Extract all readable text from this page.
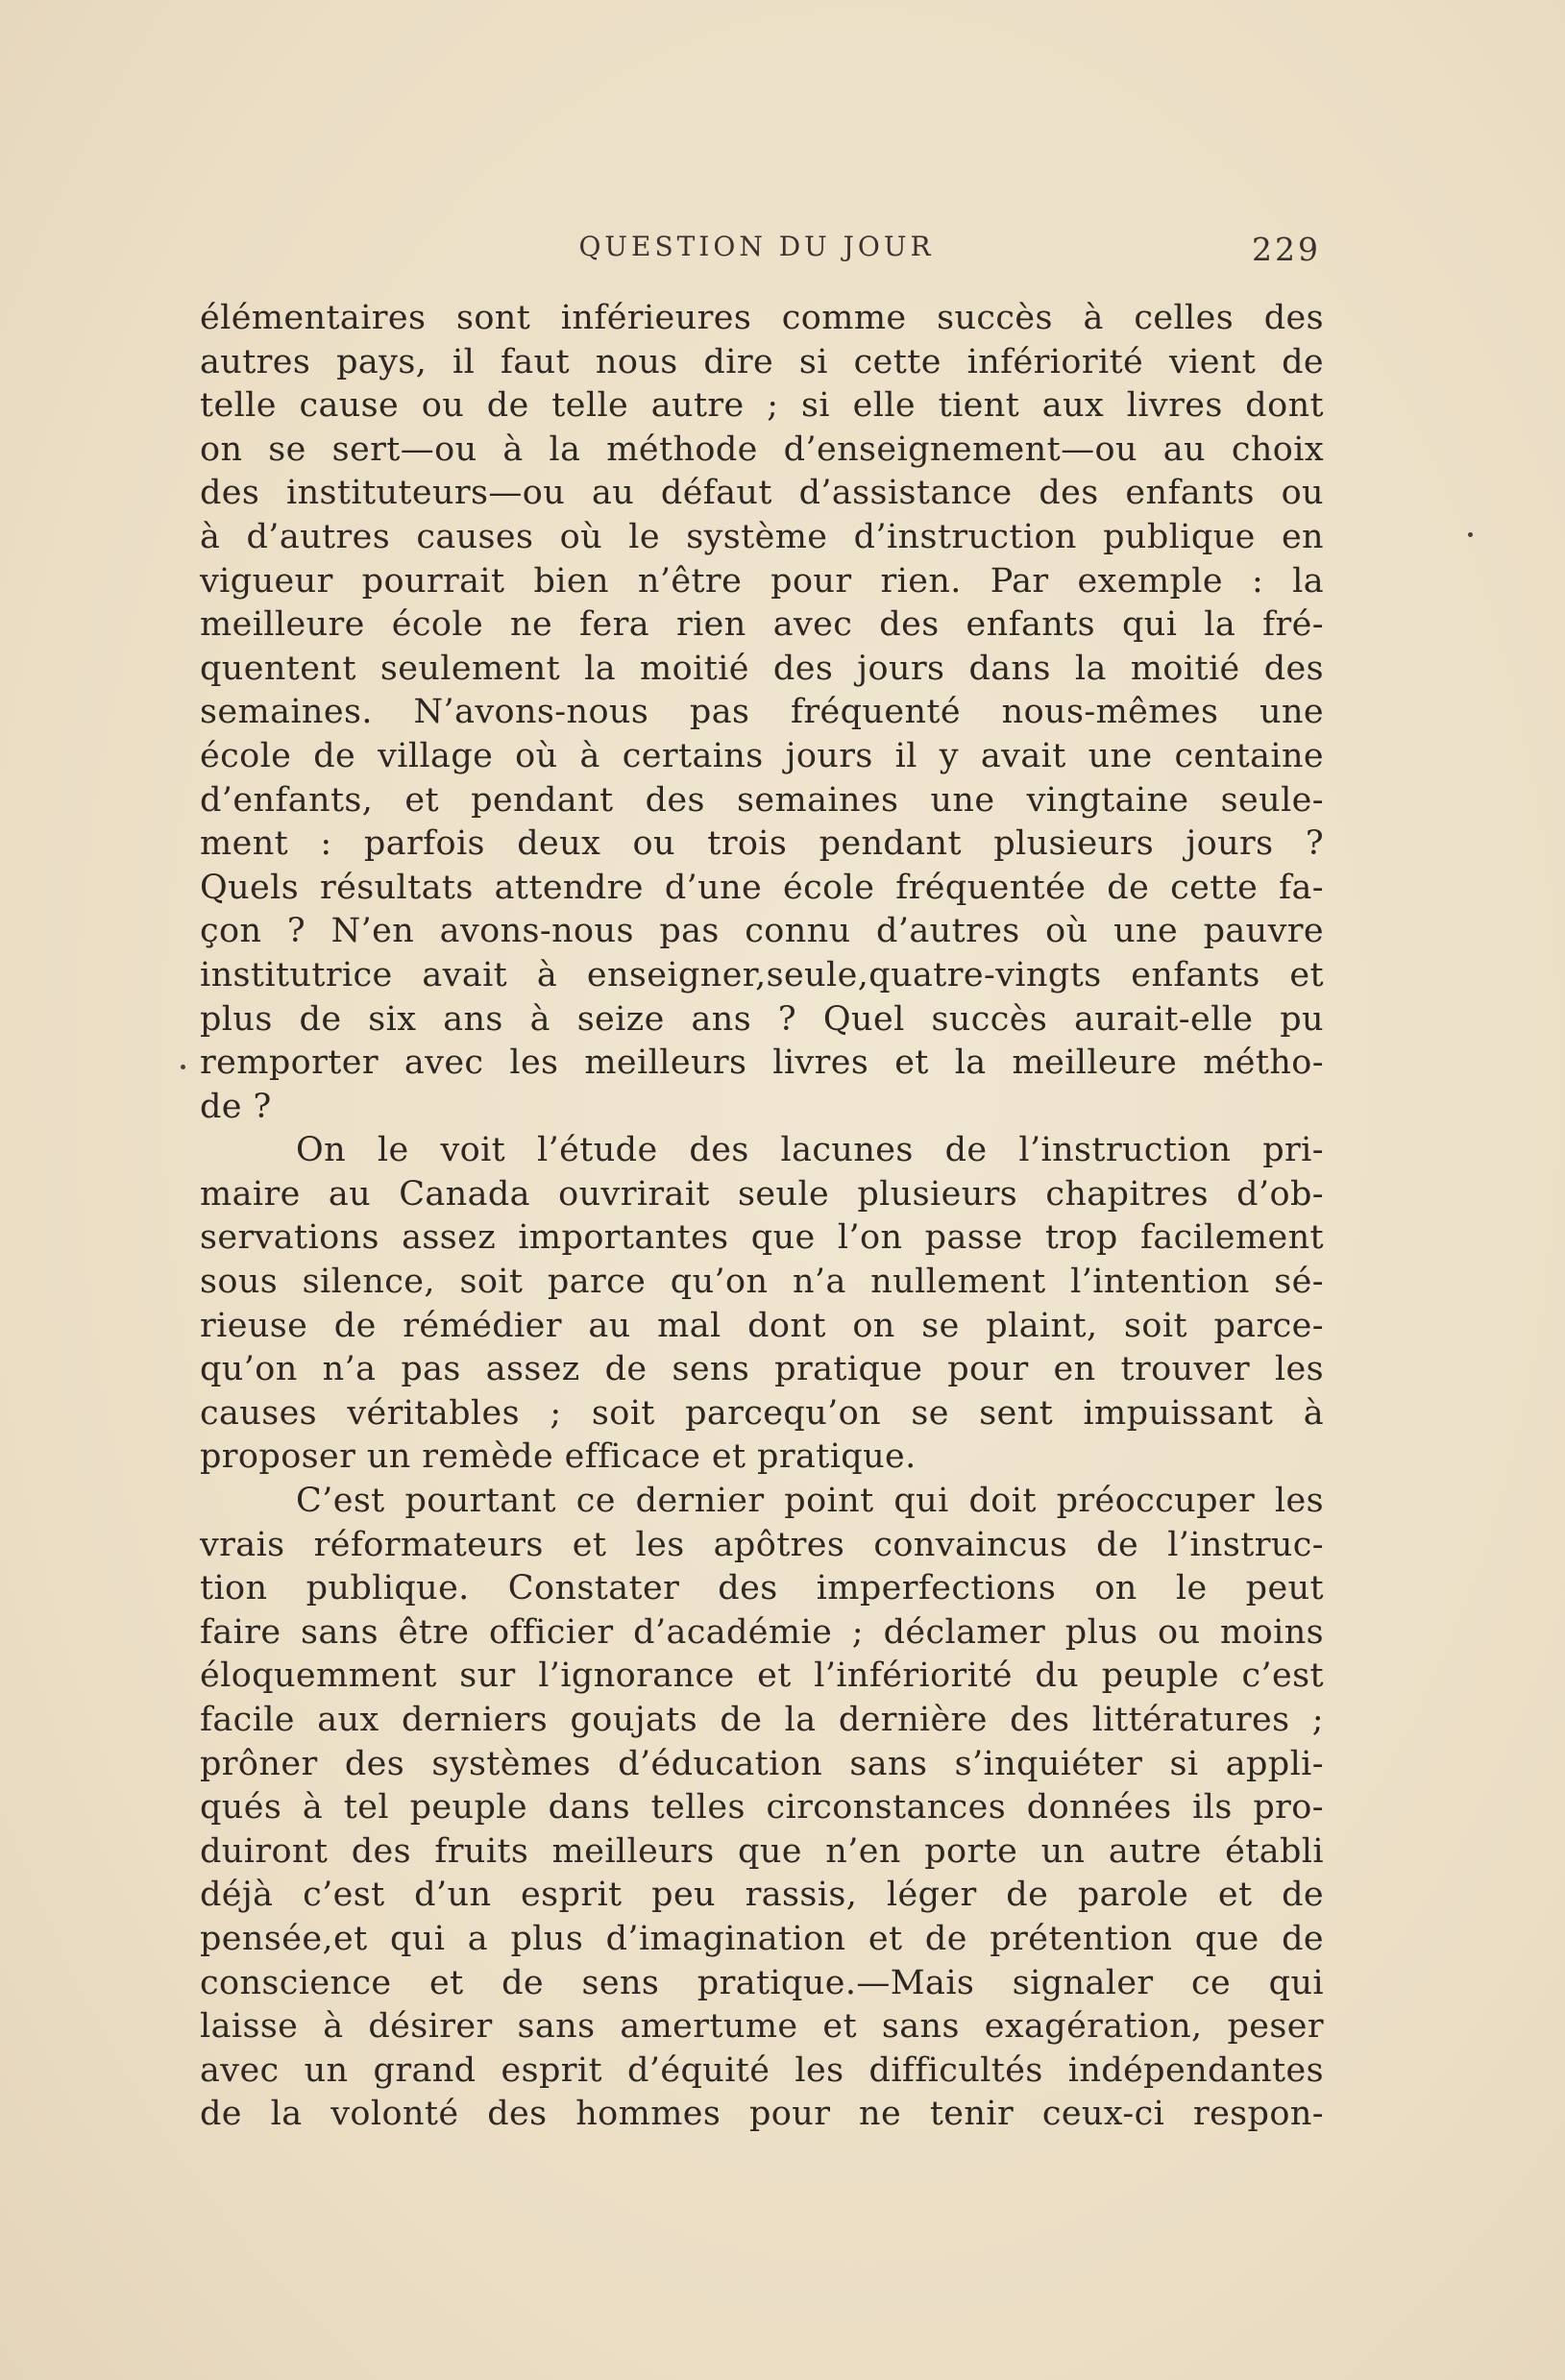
QUESTION DU JOUR	229
élémentaires sont inférieures comme succès à celles des
autres pays, il faut nous dire si cette infériorité vient de
telle cause ou de telle autre ; si elle tient aux livres dont
on se sert—ou à la méthode d’enseignement—ou au choix
des instituteurs—ou au défaut d’assistance des enfants ou
à d’autres causes où le système d’instruction publique en
vigueur pourrait bien n’être pour rien. Par exemple : la
meilleure école ne fera rien avec des enfants qui la fré-
quentent seulement la moitié des jours dans la moitié des
semaines. N’avons-nous pas fréquenté nous-mêmes une
école de village où à certains jours il y avait une centaine
d’enfants, et pendant des semaines une vingtaine seule-
ment : parfois deux ou trois pendant plusieurs jours ?
Quels résultats attendre d’une école fréquentée de cette fa-
çon ? N’en avons-nous pas connu d’autres où une pauvre
institutrice avait à enseigner,seule,quatre-vingts enfants et
plus de six ans à seize ans ? Quel succès aurait-elle pu
remporter avec les meilleurs livres et la meilleure métho-
de ?
On le voit l’étude des lacunes de l’instruction pri-
maire au Canada ouvrirait seule plusieurs chapitres d’ob-
servations assez importantes que l’on passe trop facilement
sous silence, soit parce qu’on n’a nullement l’intention sé-
rieuse de rémédier au mal dont on se plaint, soit parce-
qu’on n’a pas assez de sens pratique pour en trouver les
causes véritables ; soit parcequ’on se sent impuissant à
proposer un remède efficace et pratique.
C’est pourtant ce dernier point qui doit préoccuper les
vrais réformateurs et les apôtres convaincus de l’instruc-
tion publique. Constater des imperfections on le peut
faire sans être officier d’académie ; déclamer plus ou moins
éloquemment sur l’ignorance et l’infériorité du peuple c’est
facile aux derniers goujats de la dernière des littératures ;
prôner des systèmes d’éducation sans s’inquiéter si appli-
qués à tel peuple dans telles circonstances données ils pro-
duiront des fruits meilleurs que n’en porte un autre établi
déjà c’est d’un esprit peu rassis, léger de parole et de
pensée,et qui a plus d’imagination et de prétention que de
conscience et de sens pratique.—Mais signaler ce qui
laisse à désirer sans amertume et sans exagération, peser
avec un grand esprit d’équité les difficultés indépendantes
de la volonté des hommes pour ne tenir ceux-ci respon-
